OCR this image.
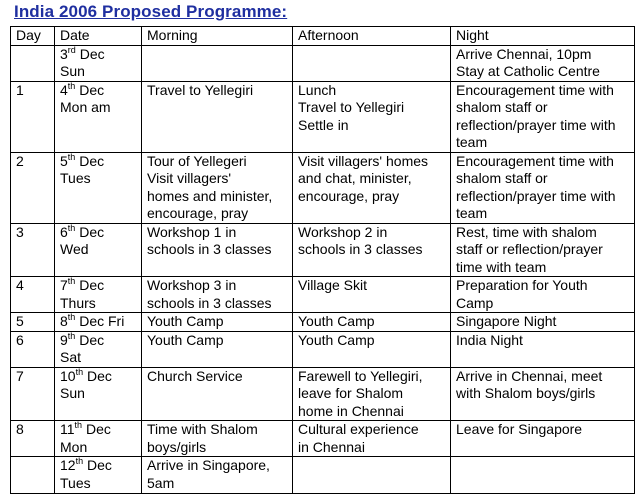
India 2006 Proposed Programme:
Day	Date	Morning	Afternoon	Night

	3rd Dec
Sun			Arrive Chennai, 10pm
Stay at Catholic Centre

1	4th Dec
Mon am	Travel to Yellegiri	Lunch
Travel to Yellegiri
Settle in	Encouragement time with
shalom staff or
reflection/prayer time with
team

2	5th Dec
Tues	Tour of Yellegeri
Visit villagers'
homes and minister,
encourage, pray	Visit villagers' homes
and chat, minister,
encourage, pray	Encouragement time with
shalom staff or
reflection/prayer time with
team

3	6th Dec
Wed	Workshop 1 in
schools in 3 classes	Workshop 2 in
schools in 3 classes	Rest, time with shalom
staff or reflection/prayer
time with team

4	7th Dec
Thurs	Workshop 3 in
schools in 3 classes	Village Skit	Preparation for Youth
Camp

5	8th Dec Fri	Youth Camp	Youth Camp	Singapore Night

6	9th Dec
Sat	Youth Camp	Youth Camp	India Night

7	10th Dec
Sun	Church Service	Farewell to Yellegiri,
leave for Shalom
home in Chennai	Arrive in Chennai, meet
with Shalom boys/girls

8	11th Dec
Mon	Time with Shalom
boys/girls	Cultural experience
in Chennai	Leave for Singapore

	12th Dec
Tues	Arrive in Singapore,
5am		
